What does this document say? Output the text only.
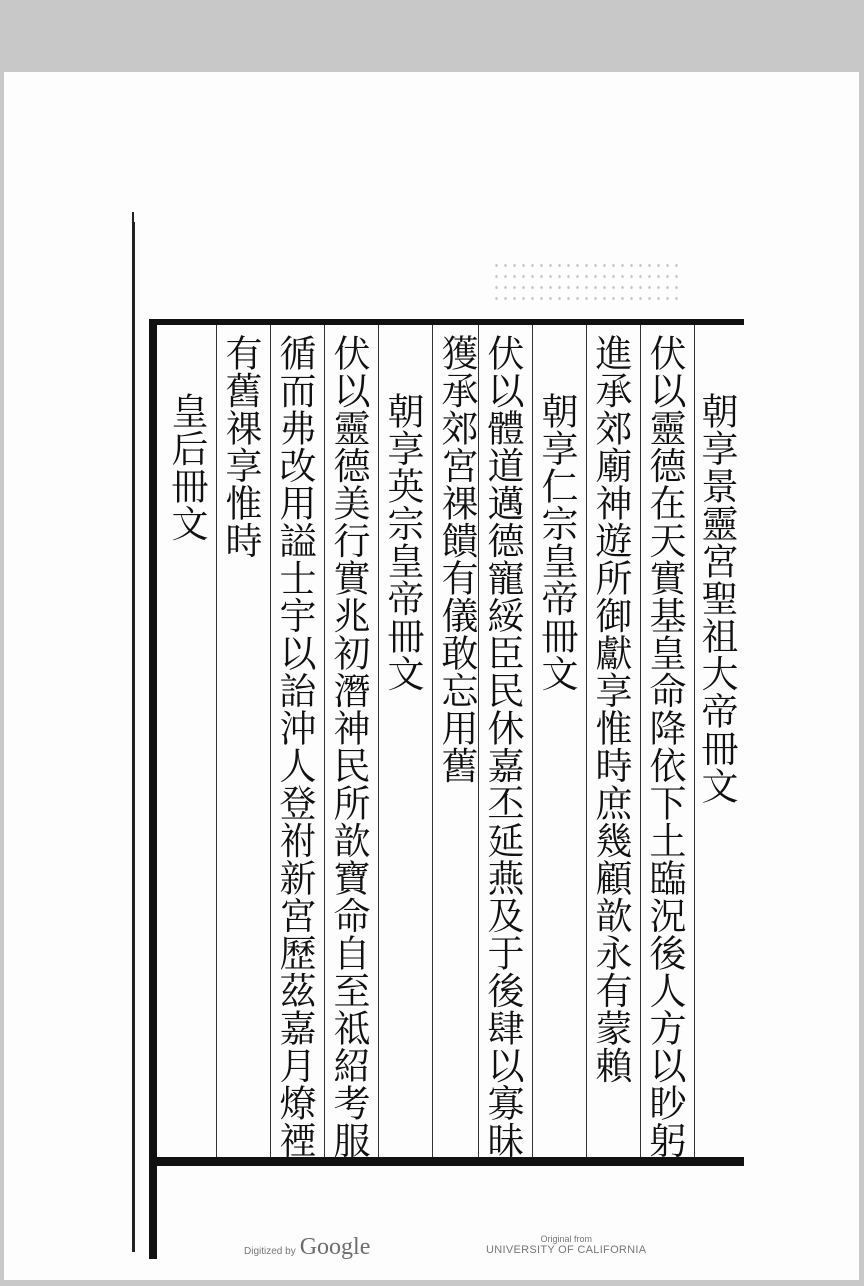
朝享景靈宮聖祖大帝冊文
伏以靈德在天實基皇命降依下土臨況後人方以眇躬
進承郊廟神遊所御獻享惟時庶幾顧歆永有蒙賴
朝享仁宗皇帝冊文
伏以體道邁德寵綏臣民休嘉丕延燕及于後肆以寡昧
獲承郊宮祼饋有儀敢忘用舊
朝享英宗皇帝冊文
伏以靈德美行實兆初潛神民所歆寶命自至祗紹考服
循而弗改用謚士宇以詒沖人登祔新宮歷茲嘉月燎禋
有舊祼享惟時
皇后冊文
Digitized by Google	Original from
UNIVERSITY OF CALIFORNIA
